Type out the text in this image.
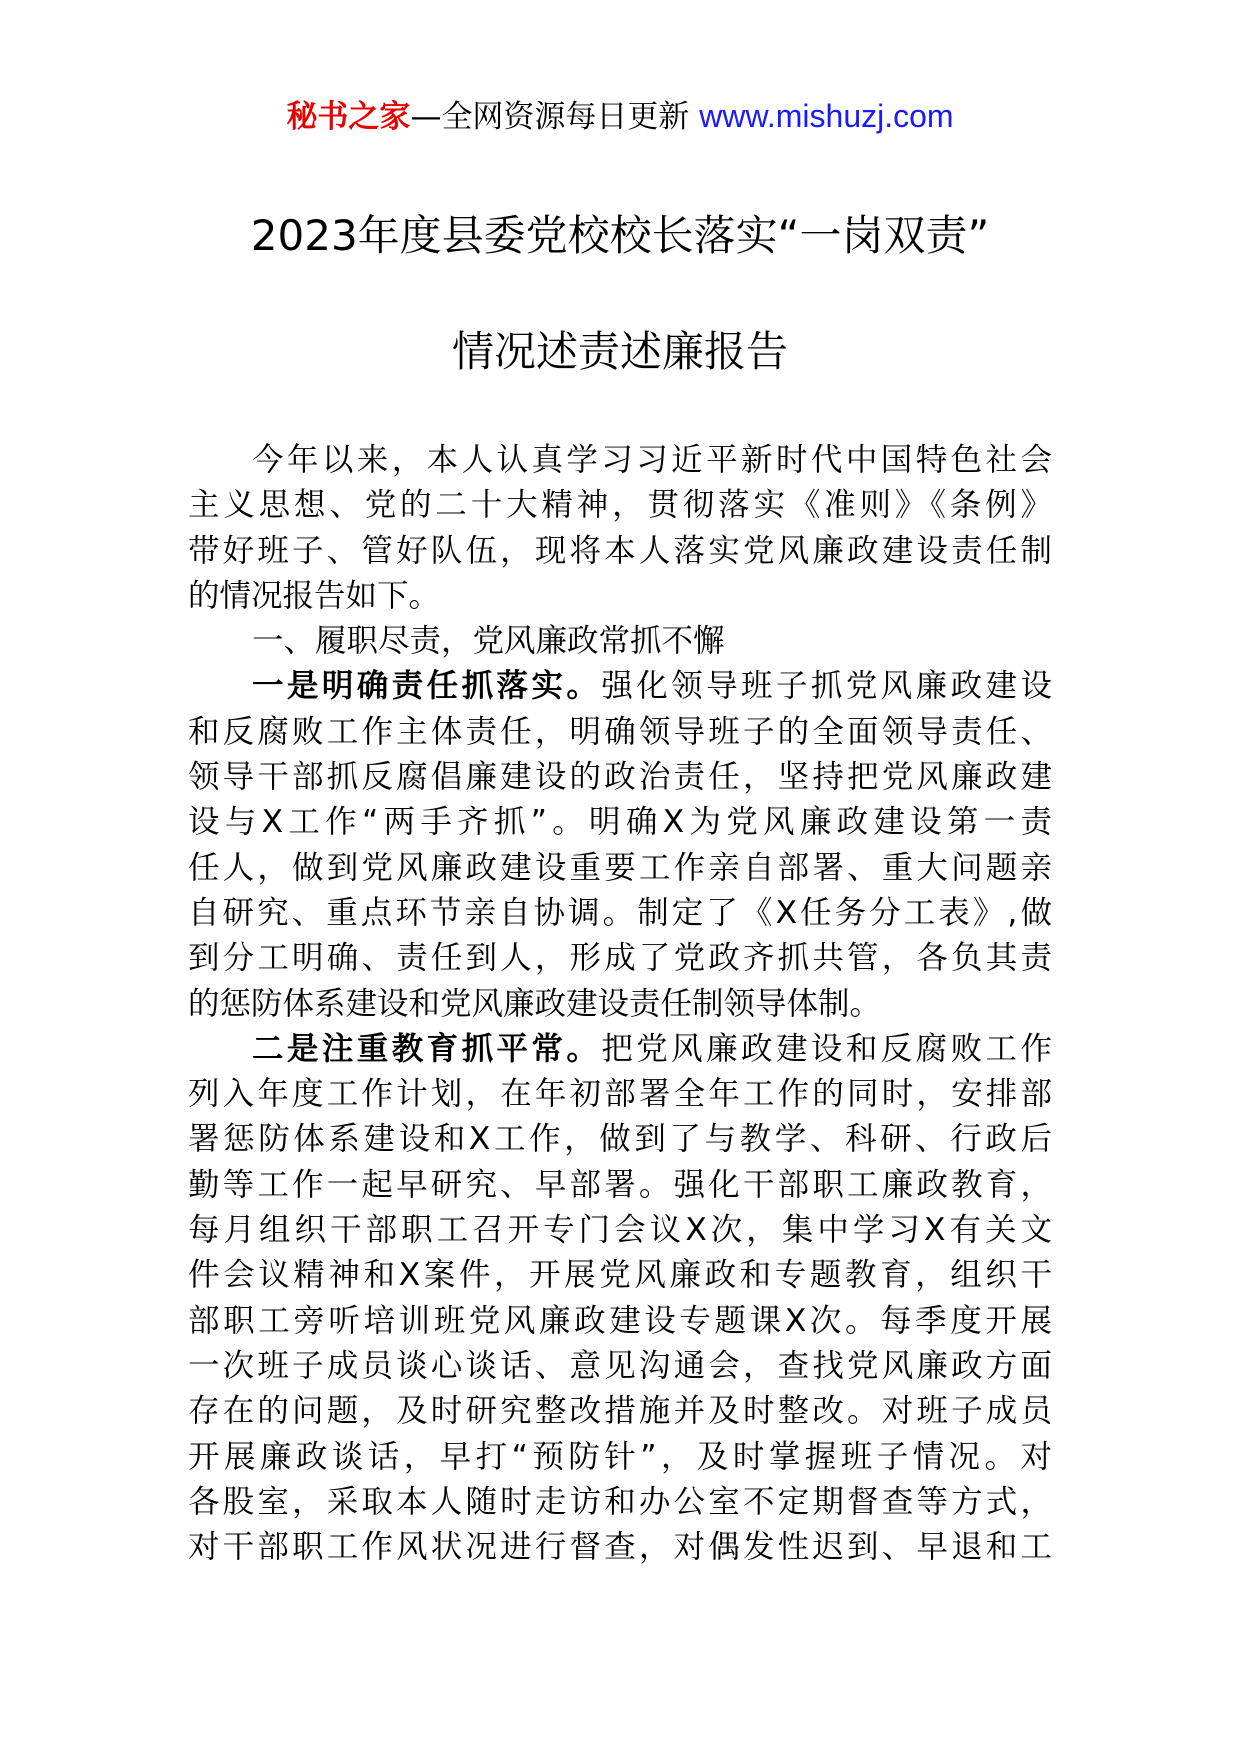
秘书之家—全网资源每日更新 www.mishuzj.com
2023年度县委党校校长落实“一岗双责”
情况述责述廉报告
今年以来，本人认真学习习近平新时代中国特色社会
主义思想、党的二十大精神，贯彻落实《准则》《条例》
带好班子、管好队伍，现将本人落实党风廉政建设责任制
的情况报告如下。
一、履职尽责，党风廉政常抓不懈
一是明确责任抓落实。强化领导班子抓党风廉政建设
和反腐败工作主体责任，明确领导班子的全面领导责任、
领导干部抓反腐倡廉建设的政治责任，坚持把党风廉政建
设与X工作“两手齐抓”。明确X为党风廉政建设第一责
任人，做到党风廉政建设重要工作亲自部署、重大问题亲
自研究、重点环节亲自协调。制定了《X任务分工表》,做
到分工明确、责任到人，形成了党政齐抓共管，各负其责
的惩防体系建设和党风廉政建设责任制领导体制。
二是注重教育抓平常。把党风廉政建设和反腐败工作
列入年度工作计划，在年初部署全年工作的同时，安排部
署惩防体系建设和X工作，做到了与教学、科研、行政后
勤等工作一起早研究、早部署。强化干部职工廉政教育，
每月组织干部职工召开专门会议X次，集中学习X有关文
件会议精神和X案件，开展党风廉政和专题教育，组织干
部职工旁听培训班党风廉政建设专题课X次。每季度开展
一次班子成员谈心谈话、意见沟通会，查找党风廉政方面
存在的问题，及时研究整改措施并及时整改。对班子成员
开展廉政谈话，早打“预防针”，及时掌握班子情况。对
各股室，采取本人随时走访和办公室不定期督查等方式，
对干部职工作风状况进行督查，对偶发性迟到、早退和工
